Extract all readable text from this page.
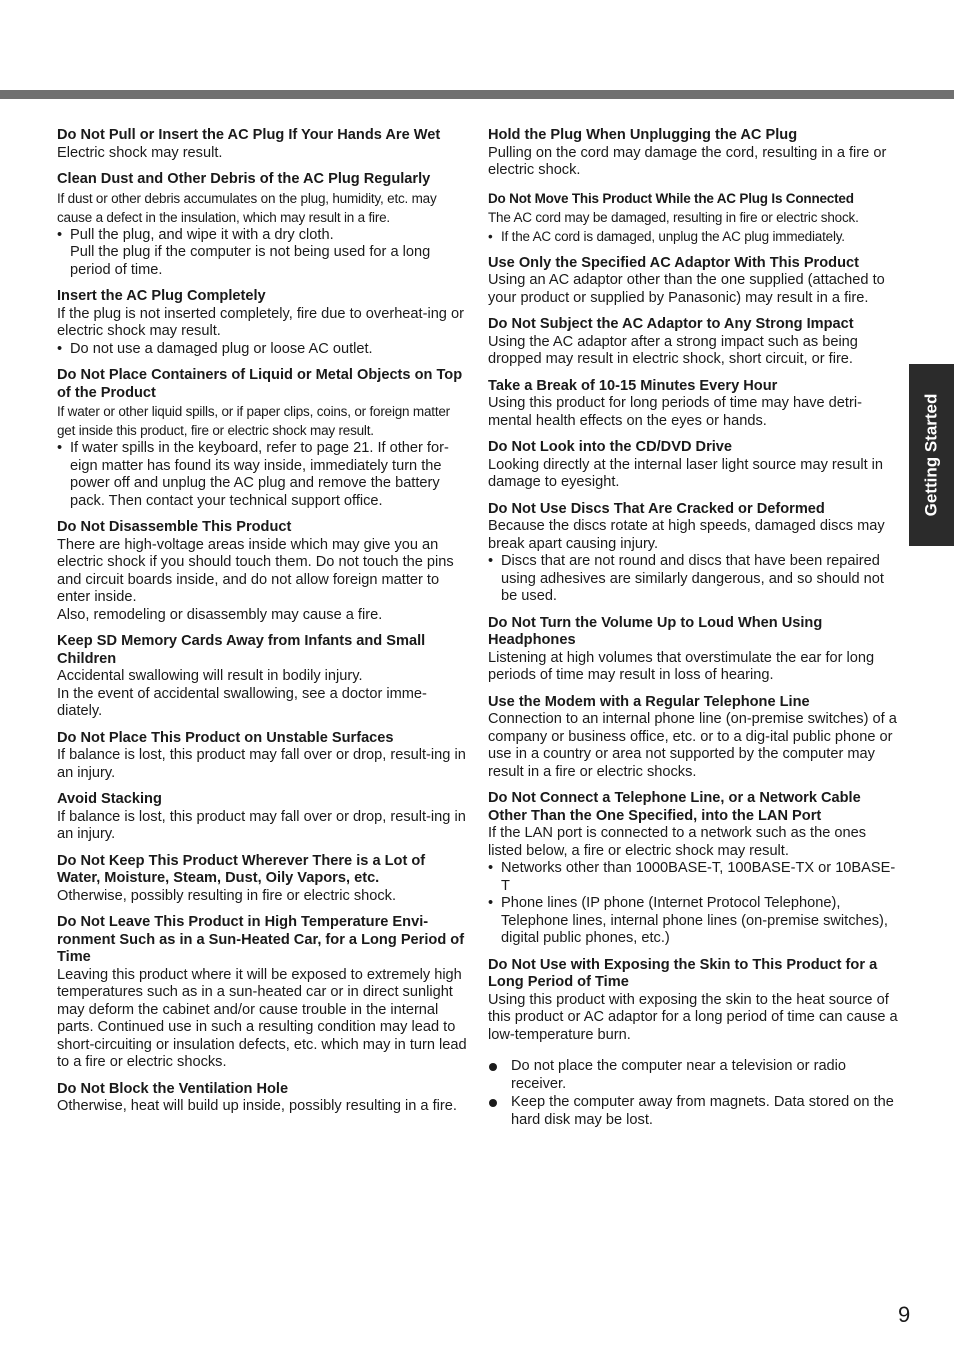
Do Not Pull or Insert the AC Plug If Your Hands Are Wet
Electric shock may result.
Clean Dust and Other Debris of the AC Plug Regularly
If dust or other debris accumulates on the plug, humidity, etc. may cause a defect in the insulation, which may result in a fire.
• Pull the plug, and wipe it with a dry cloth.
Pull the plug if the computer is not being used for a long period of time.
Insert the AC Plug Completely
If the plug is not inserted completely, fire due to overheat-ing or electric shock may result.
• Do not use a damaged plug or loose AC outlet.
Do Not Place Containers of Liquid or Metal Objects on Top of the Product
If water or other liquid spills, or if paper clips, coins, or foreign matter get inside this product, fire or electric shock may result.
• If water spills in the keyboard, refer to page 21. If other for-eign matter has found its way inside, immediately turn the power off and unplug the AC plug and remove the battery pack. Then contact your technical support office.
Do Not Disassemble This Product
There are high-voltage areas inside which may give you an electric shock if you should touch them. Do not touch the pins and circuit boards inside, and do not allow foreign matter to enter inside.
Also, remodeling or disassembly may cause a fire.
Keep SD Memory Cards Away from Infants and Small Children
Accidental swallowing will result in bodily injury.
In the event of accidental swallowing, see a doctor imme-diately.
Do Not Place This Product on Unstable Surfaces
If balance is lost, this product may fall over or drop, result-ing in an injury.
Avoid Stacking
If balance is lost, this product may fall over or drop, result-ing in an injury.
Do Not Keep This Product Wherever There is a Lot of Water, Moisture, Steam, Dust, Oily Vapors, etc.
Otherwise, possibly resulting in fire or electric shock.
Do Not Leave This Product in High Temperature Envi-ronment Such as in a Sun-Heated Car, for a Long Period of Time
Leaving this product where it will be exposed to extremely high temperatures such as in a sun-heated car or in direct sunlight may deform the cabinet and/or cause trouble in the internal parts. Continued use in such a resulting condition may lead to short-circuiting or insulation defects, etc. which may in turn lead to a fire or electric shocks.
Do Not Block the Ventilation Hole
Otherwise, heat will build up inside, possibly resulting in a fire.
Hold the Plug When Unplugging the AC Plug
Pulling on the cord may damage the cord, resulting in a fire or electric shock.
Do Not Move This Product While the AC Plug Is Connected
The AC cord may be damaged, resulting in fire or electric shock.
• If the AC cord is damaged, unplug the AC plug immediately.
Use Only the Specified AC Adaptor With This Product
Using an AC adaptor other than the one supplied (attached to your product or supplied by Panasonic) may result in a fire.
Do Not Subject the AC Adaptor to Any Strong Impact
Using the AC adaptor after a strong impact such as being dropped may result in electric shock, short circuit, or fire.
Take a Break of 10-15 Minutes Every Hour
Using this product for long periods of time may have detri-mental health effects on the eyes or hands.
Do Not Look into the CD/DVD Drive
Looking directly at the internal laser light source may result in damage to eyesight.
Do Not Use Discs That Are Cracked or Deformed
Because the discs rotate at high speeds, damaged discs may break apart causing injury.
• Discs that are not round and discs that have been repaired using adhesives are similarly dangerous, and so should not be used.
Do Not Turn the Volume Up to Loud When Using Headphones
Listening at high volumes that overstimulate the ear for long periods of time may result in loss of hearing.
Use the Modem with a Regular Telephone Line
Connection to an internal phone line (on-premise switches) of a company or business office, etc. or to a dig-ital public phone or use in a country or area not supported by the computer may result in a fire or electric shocks.
Do Not Connect a Telephone Line, or a Network Cable Other Than the One Specified, into the LAN Port
If the LAN port is connected to a network such as the ones listed below, a fire or electric shock may result.
• Networks other than 1000BASE-T, 100BASE-TX or 10BASE-T
• Phone lines (IP phone (Internet Protocol Telephone), Telephone lines, internal phone lines (on-premise switches), digital public phones, etc.)
Do Not Use with Exposing the Skin to This Product for a Long Period of Time
Using this product with exposing the skin to the heat source of this product or AC adaptor for a long period of time can cause a low-temperature burn.
Do not place the computer near a television or radio receiver.
Keep the computer away from magnets. Data stored on the hard disk may be lost.
Getting Started
9
